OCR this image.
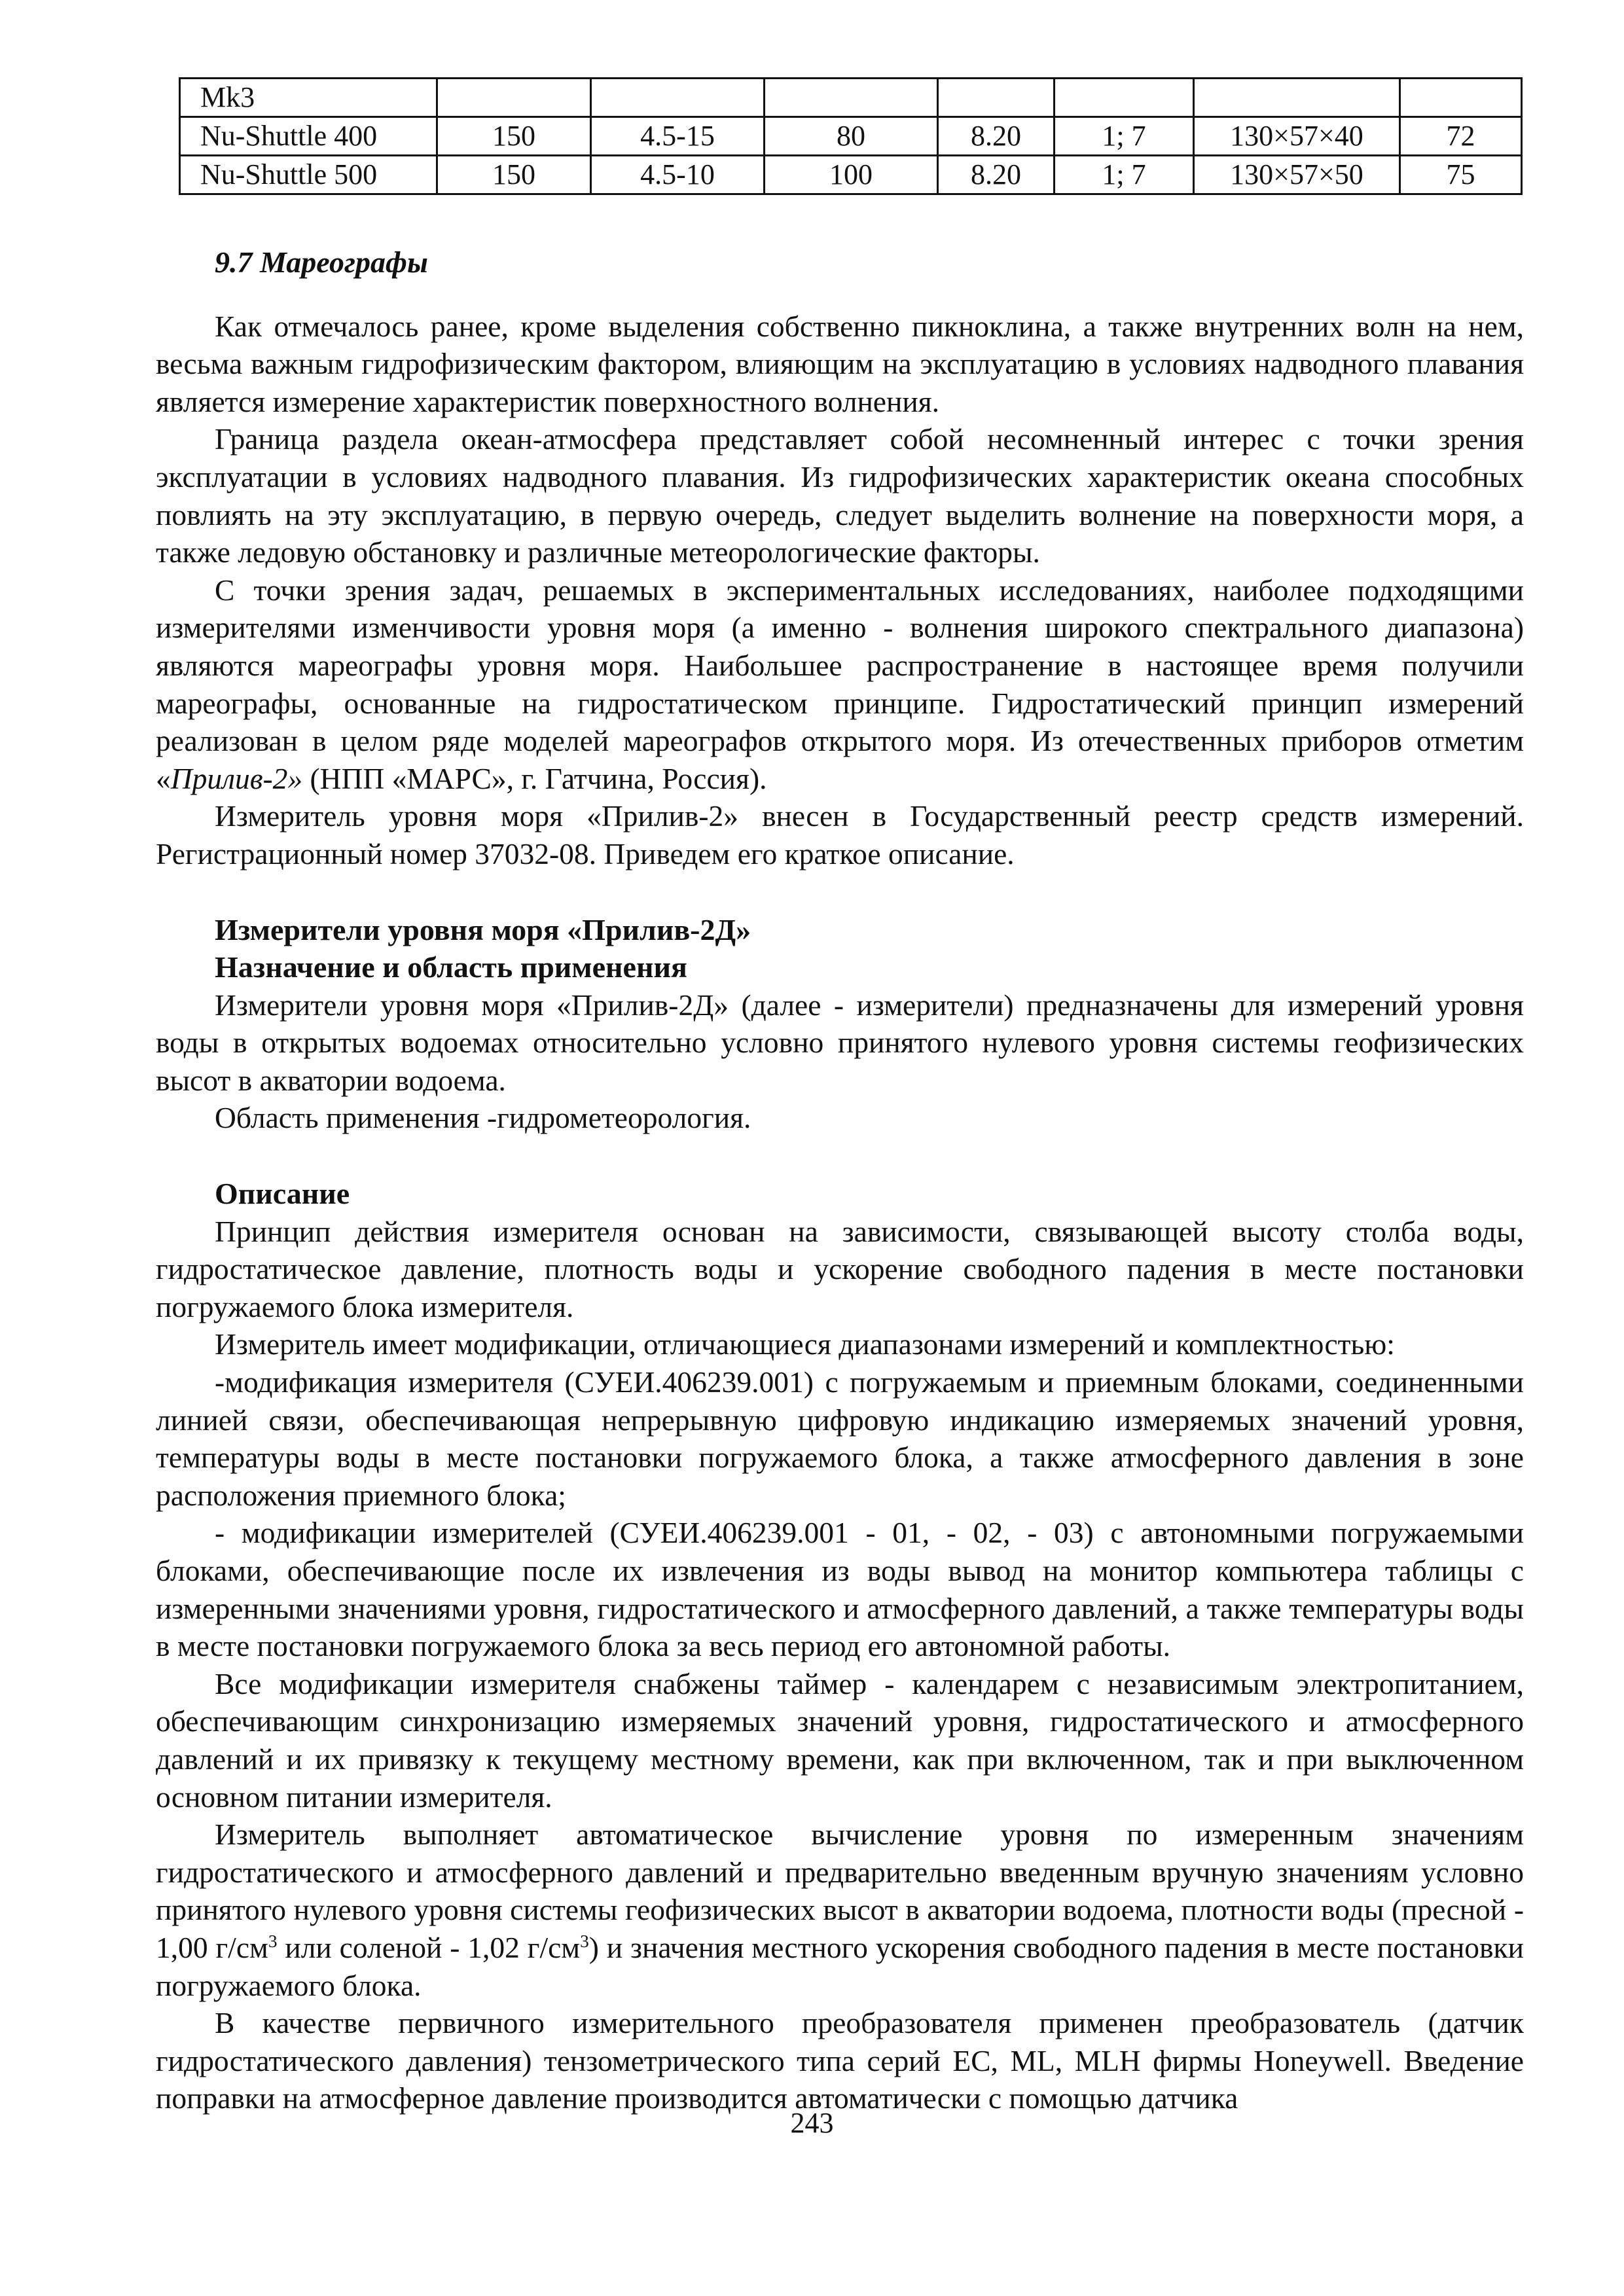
Mk3							
Nu-Shuttle 400	150	4.5-15	80	8.20	1; 7	130×57×40	72
Nu-Shuttle 500	150	4.5-10	100	8.20	1; 7	130×57×50	75
9.7 Мареографы

Как отмечалось ранее, кроме выделения собственно пикноклина, а также внутренних волн на нем, весьма важным гидрофизическим фактором, влияющим на эксплуатацию в условиях надводного плавания является измерение характеристик поверхностного волнения.

Граница раздела океан-атмосфера представляет собой несомненный интерес с точки зрения эксплуатации в условиях надводного плавания. Из гидрофизических характеристик океана способных повлиять на эту эксплуатацию, в первую очередь, следует выделить волнение на поверхности моря, а также ледовую обстановку и различные метеорологические факторы.

С точки зрения задач, решаемых в экспериментальных исследованиях, наиболее подходящими измерителями изменчивости уровня моря (а именно - волнения широкого спектрального диапазона) являются мареографы уровня моря. Наибольшее распространение в настоящее время получили мареографы, основанные на гидростатическом принципе. Гидростатический принцип измерений реализован в целом ряде моделей мареографов открытого моря. Из отечественных приборов отметим «Прилив-2» (НПП «МАРС», г. Гатчина, Россия).

Измеритель уровня моря «Прилив-2» внесен в Государственный реестр средств измерений. Регистрационный номер 37032-08. Приведем его краткое описание.

Измерители уровня моря «Прилив-2Д»
Назначение и область применения

Измерители уровня моря «Прилив-2Д» (далее - измерители) предназначены для измерений уровня воды в открытых водоемах относительно условно принятого нулевого уровня системы геофизических высот в акватории водоема.

Область применения -гидрометеорология.

Описание

Принцип действия измерителя основан на зависимости, связывающей высоту столба воды, гидростатическое давление, плотность воды и ускорение свободного падения в месте постановки погружаемого блока измерителя.

Измеритель имеет модификации, отличающиеся диапазонами измерений и комплектностью:

-модификация измерителя (СУЕИ.406239.001) с погружаемым и приемным блоками, соединенными линией связи, обеспечивающая непрерывную цифровую индикацию измеряемых значений уровня, температуры воды в месте постановки погружаемого блока, а также атмосферного давления в зоне расположения приемного блока;

- модификации измерителей (СУЕИ.406239.001 - 01, - 02, - 03) с автономными погружаемыми блоками, обеспечивающие после их извлечения из воды вывод на монитор компьютера таблицы с измеренными значениями уровня, гидростатического и атмосферного давлений, а также температуры воды в месте постановки погружаемого блока за весь период его автономной работы.

Все модификации измерителя снабжены таймер - календарем с независимым электропитанием, обеспечивающим синхронизацию измеряемых значений уровня, гидростатического и атмосферного давлений и их привязку к текущему местному времени, как при включенном, так и при выключенном основном питании измерителя.

Измеритель выполняет автоматическое вычисление уровня по измеренным значениям гидростатического и атмосферного давлений и предварительно введенным вручную значениям условно принятого нулевого уровня системы геофизических высот в акватории водоема, плотности воды (пресной - 1,00 $г/см^3$ или соленой - 1,02 $г/см^3$) и значения местного ускорения свободного падения в месте постановки погружаемого блока.

В качестве первичного измерительного преобразователя применен преобразователь (датчик гидростатического давления) тензометрического типа серий EC, ML, MLH фирмы Honeywell. Введение поправки на атмосферное давление производится автоматически с помощью датчика

243
